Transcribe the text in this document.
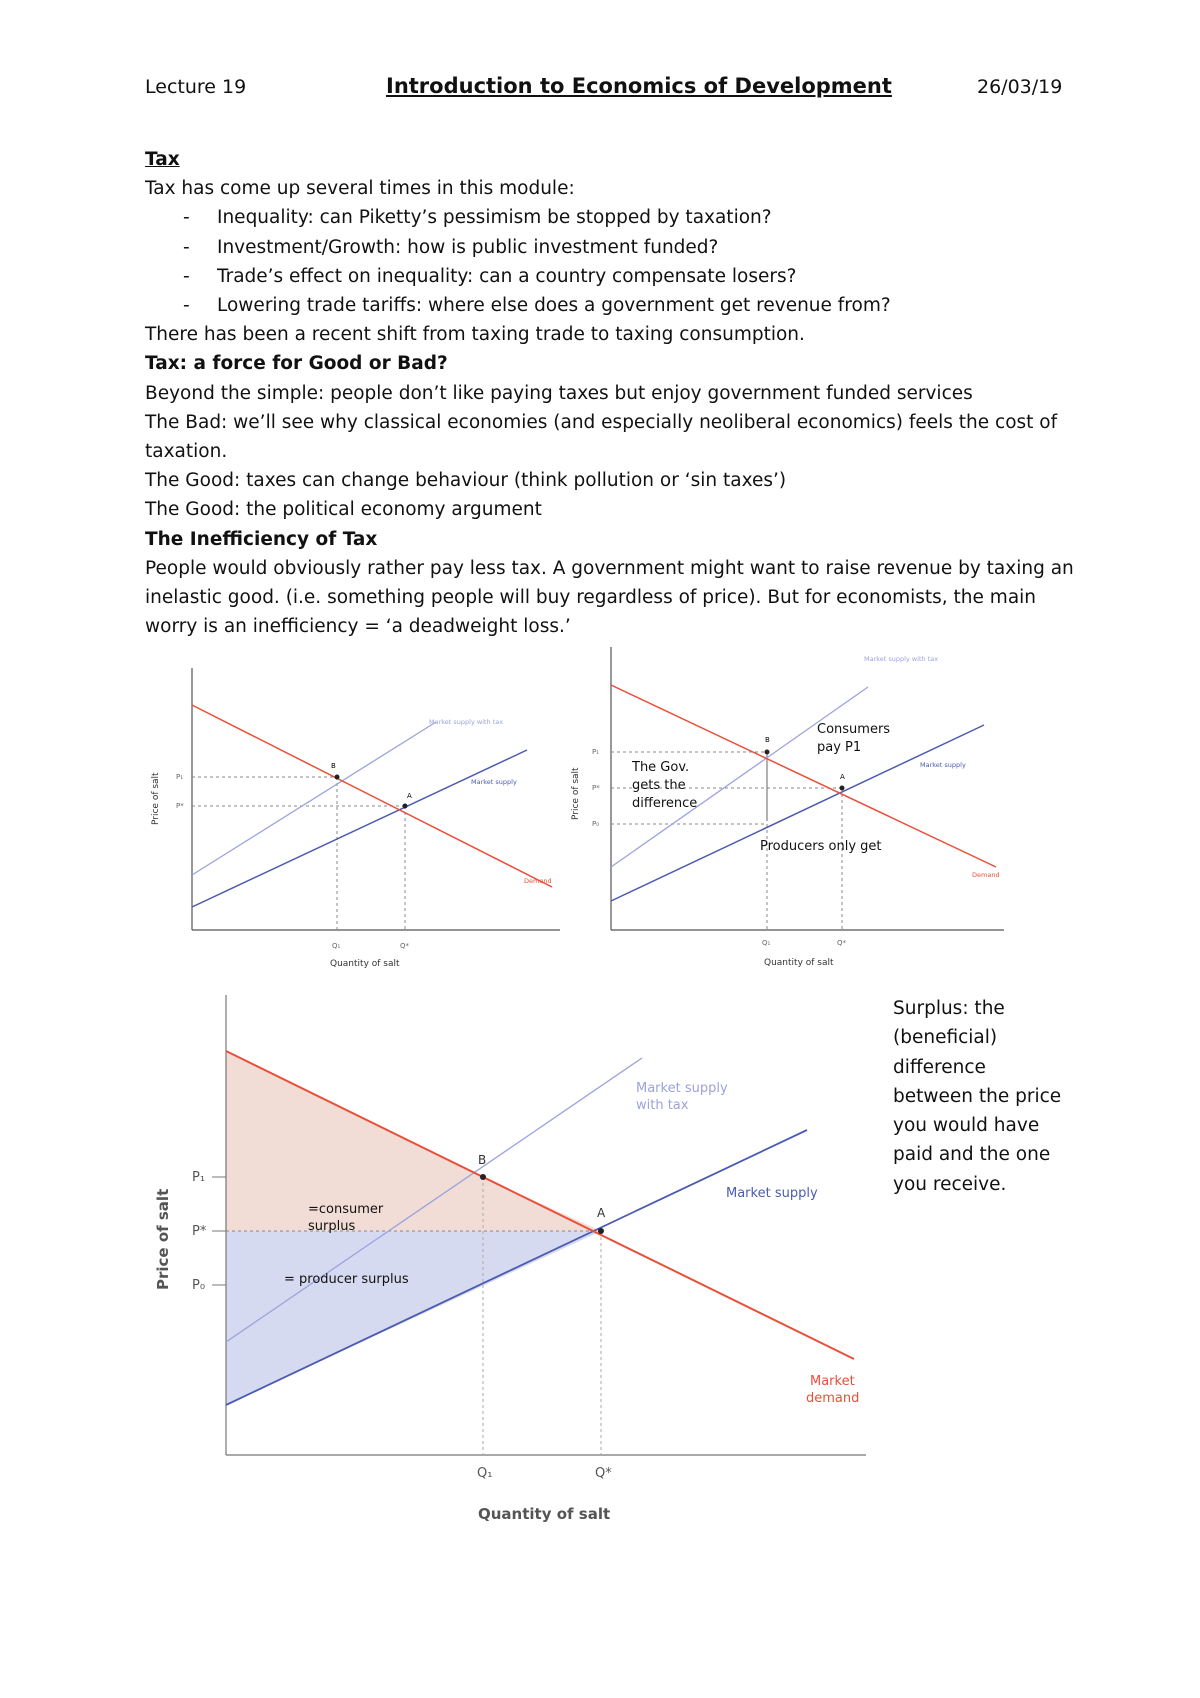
Lecture 19	Introduction to Economics of Development	26/03/19
Tax
Tax has come up several times in this module:
- Inequality: can Piketty’s pessimism be stopped by taxation?
- Investment/Growth: how is public investment funded?
- Trade’s effect on inequality: can a country compensate losers?
- Lowering trade tariffs: where else does a government get revenue from?
There has been a recent shift from taxing trade to taxing consumption.
Tax: a force for Good or Bad?
Beyond the simple: people don’t like paying taxes but enjoy government funded services
The Bad: we’ll see why classical economies (and especially neoliberal economics) feels the cost of
taxation.
The Good: taxes can change behaviour (think pollution or ‘sin taxes’)
The Good: the political economy argument
The Inefficiency of Tax
People would obviously rather pay less tax. A government might want to raise revenue by taxing an
inelastic good. (i.e. something people will buy regardless of price). But for economists, the main
worry is an inefficiency = ‘a deadweight loss.’
B
A
P₁
P*
Q₁	Q*
Market supply with tax
Market supply
Demand
Quantity of salt
Price of salt
B
A
P₁
P*
P₀
Q₁	Q*
Market supply with tax
Market supply
Demand
Quantity of salt
Price of salt
Consumers
pay P1
The Gov.
gets the
difference
Producers only get
B
A
P₁
P*
P₀
Q₁	Q*
Market supply
with tax
Market supply
Market
demand
=consumer
surplus
= producer surplus
Quantity of salt
Price of salt
Surplus: the
(beneficial)
difference
between the price
you would have
paid and the one
you receive.
